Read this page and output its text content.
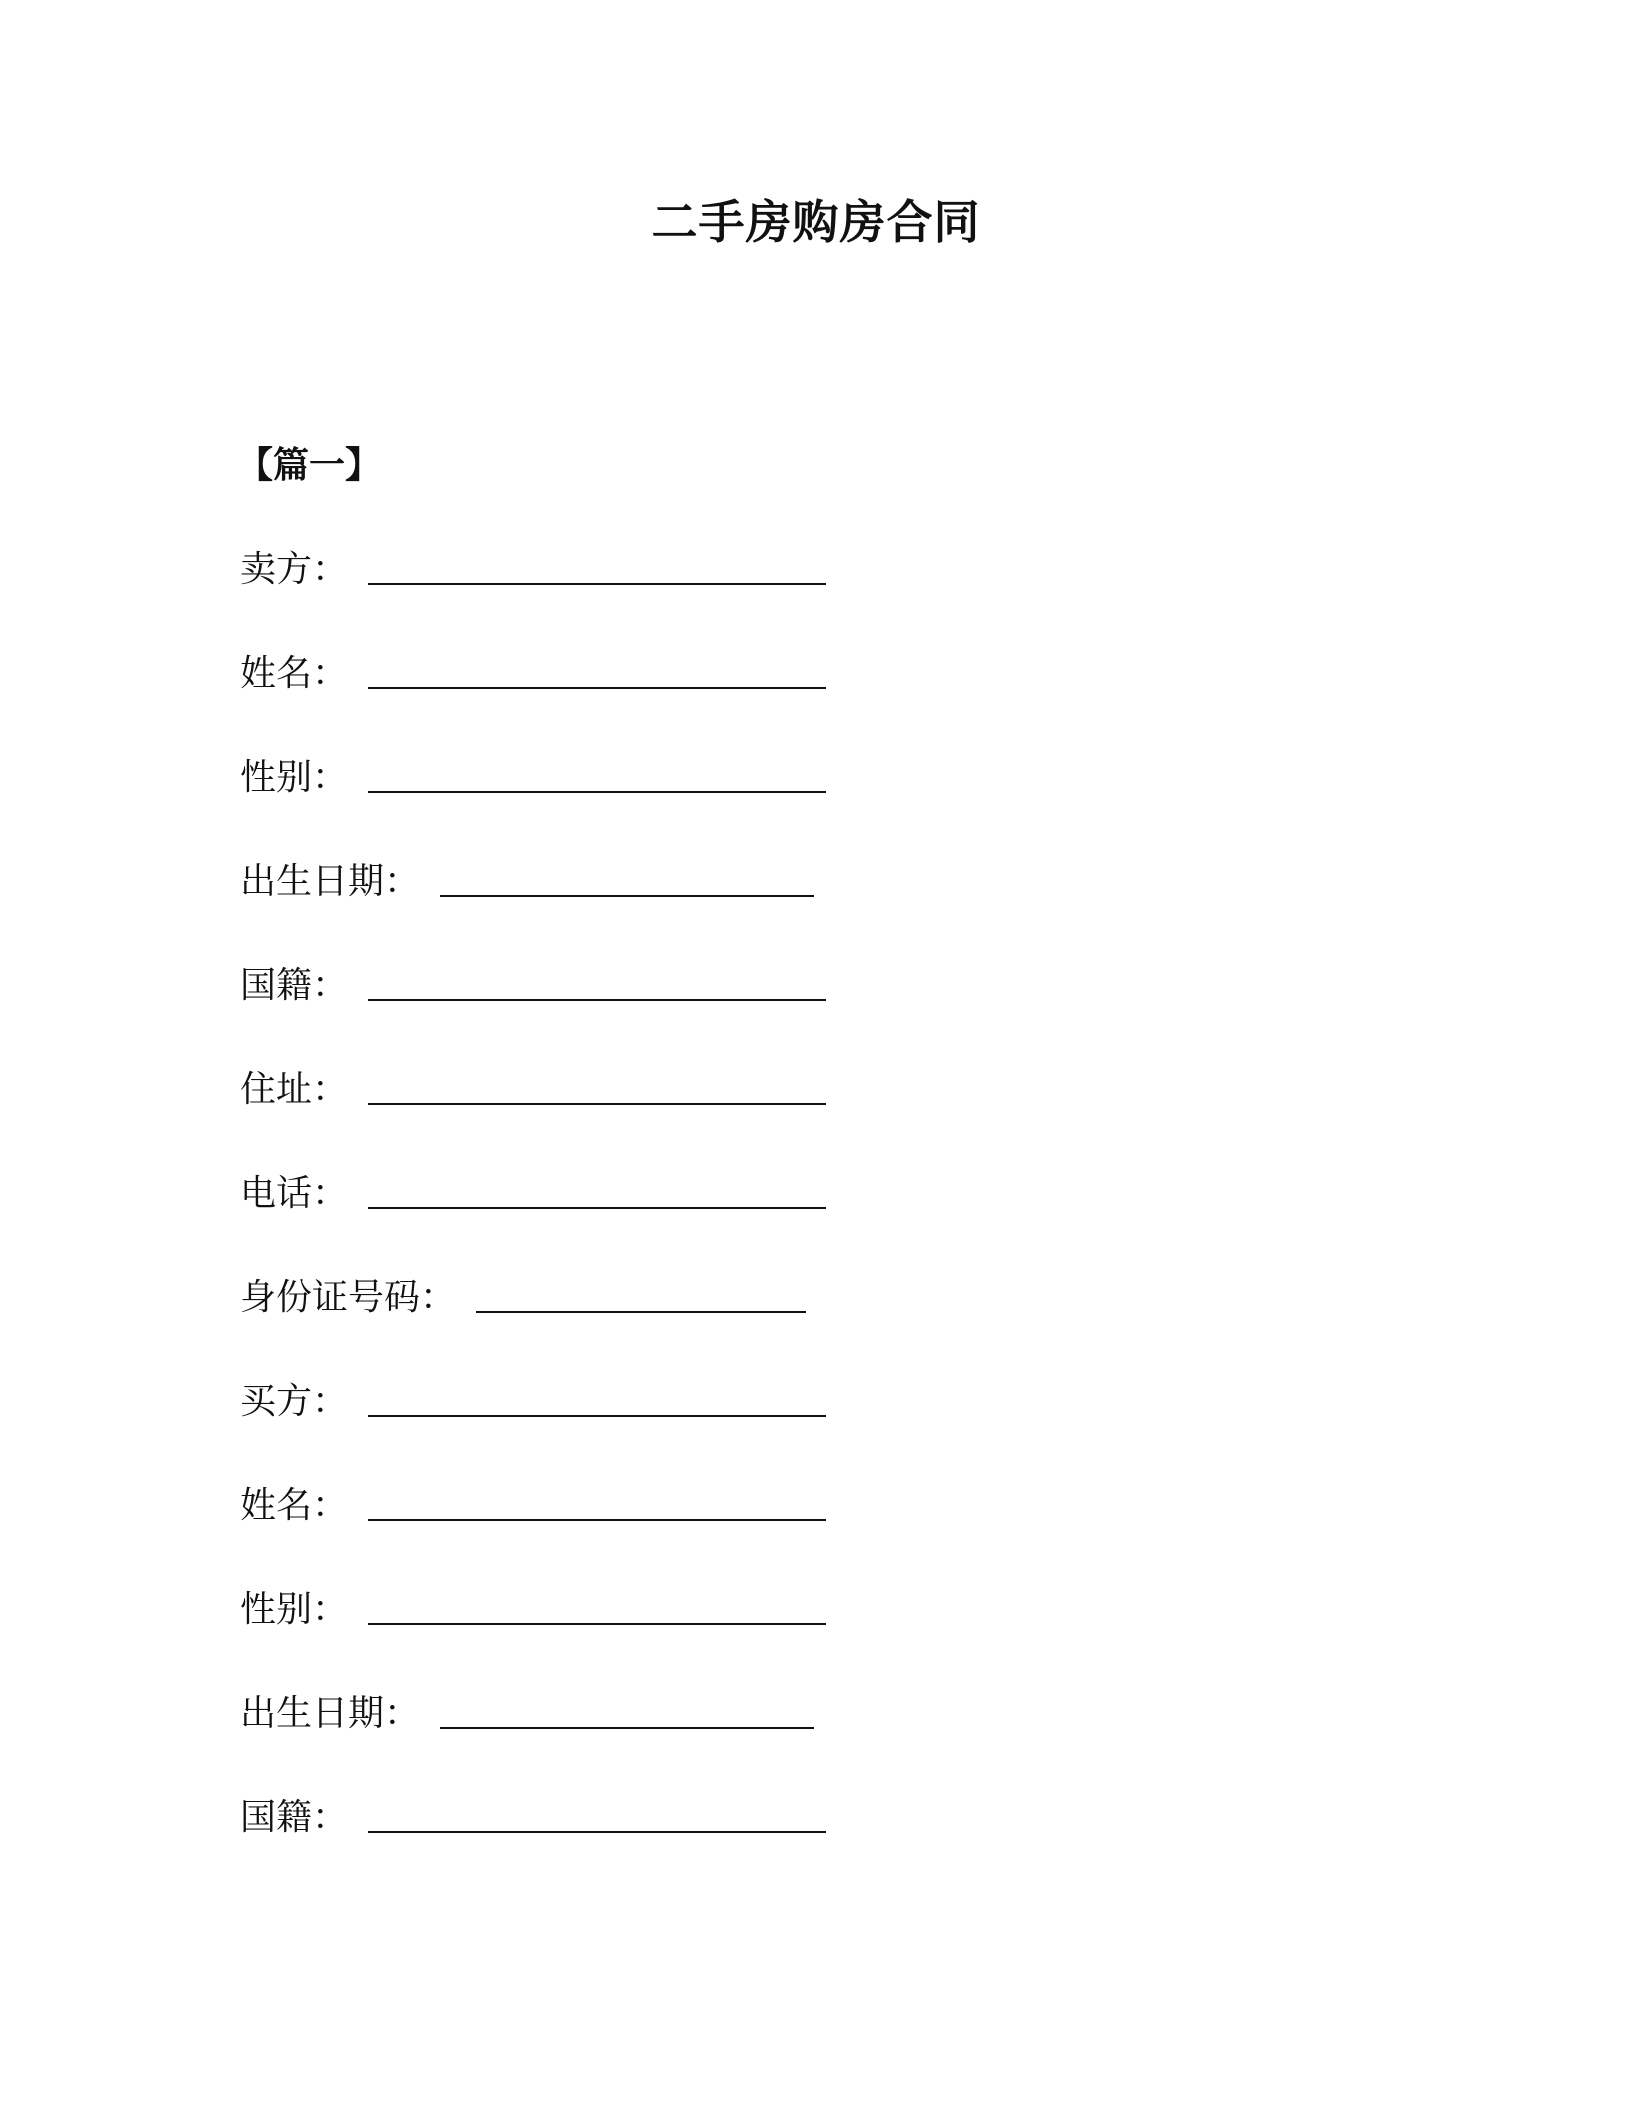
二手房购房合同
【篇一】
卖方 ：
姓名 ：
性别 ：
出生日期 ：
国籍 ：
住址 ：
电话 ：
身份证号码 ：
买方 ：
姓名 ：
性别 ：
出生日期 ：
国籍 ：
